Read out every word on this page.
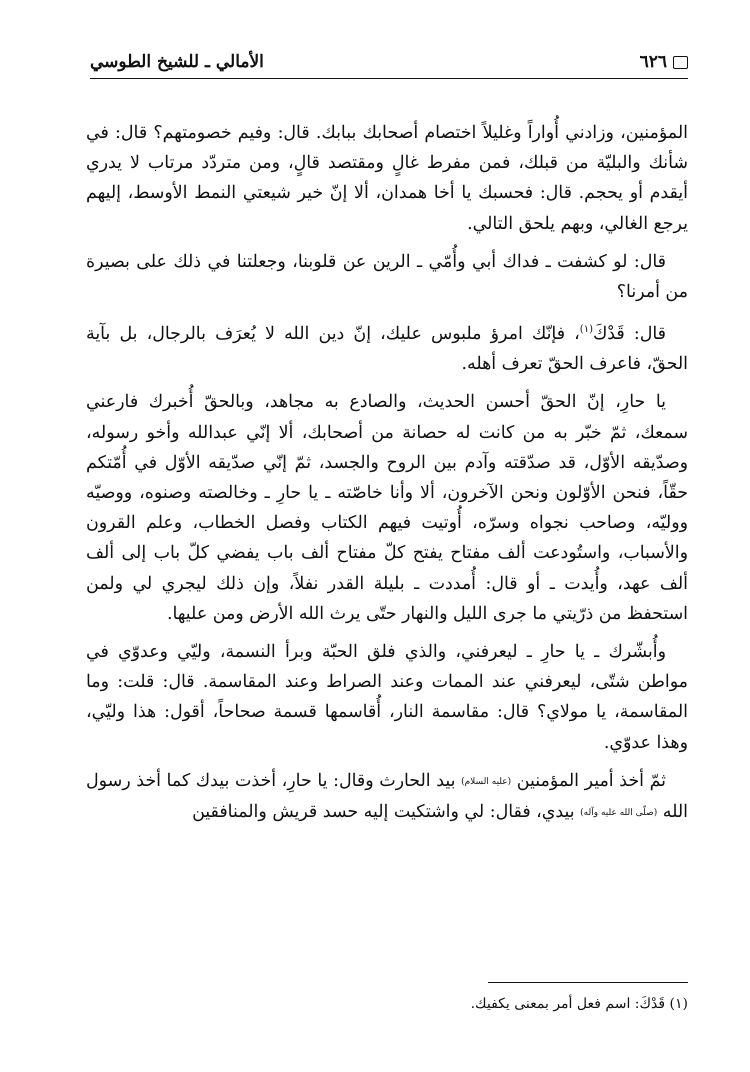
٦٢٦
الأمالي ـ للشيخ الطوسي

المؤمنين، وزادني أُواراً وغليلاً اختصام أصحابك ببابك. قال: وفيم خصومتهم؟ قال: في شأنك والبليّة من قبلك، فمن مفرط غالٍ ومقتصد قالٍ، ومن متردّد مرتاب لا يدري أيقدم أو يحجم. قال: فحسبك يا أخا همدان، ألا إنّ خير شيعتي النمط الأوسط، إليهم يرجع الغالي، وبهم يلحق التالي.

قال: لو كشفت ـ فداك أبي وأُمّي ـ الرين عن قلوبنا، وجعلتنا في ذلك على بصيرة من أمرنا؟

قال: قَدْكَ$^{(١)}$، فإنّك امرؤ ملبوس عليك، إنّ دين الله لا يُعرَف بالرجال، بل بآية الحقّ، فاعرف الحقّ تعرف أهله.

يا حارِ، إنّ الحقّ أحسن الحديث، والصادع به مجاهد، وبالحقّ أُخبرك فارعني سمعك، ثمّ خبّر به من كانت له حصانة من أصحابك، ألا إنّي عبدالله وأخو رسوله، وصدّيقه الأوّل، قد صدّقته وآدم بين الروح والجسد، ثمّ إنّي صدّيقه الأوّل في أُمّتكم حقّاً، فنحن الأوّلون ونحن الآخرون، ألا وأنا خاصّته ـ يا حارِ ـ وخالصته وصنوه، ووصيّه ووليّه، وصاحب نجواه وسرّه، أُوتيت فيهم الكتاب وفصل الخطاب، وعلم القرون والأسباب، واستُودعت ألف مفتاح يفتح كلّ مفتاح ألف باب يفضي كلّ باب إلى ألف ألف عهد، وأُيدت ـ أو قال: أُمددت ـ بليلة القدر نفلاً، وإن ذلك ليجري لي ولمن استحفظ من ذرّيتي ما جرى الليل والنهار حتّى يرث الله الأرض ومن عليها.

وأُبشّرك ـ يا حارِ ـ ليعرفني، والذي فلق الحبّة وبرأ النسمة، وليّي وعدوّي في مواطن شتّى، ليعرفني عند الممات وعند الصراط وعند المقاسمة. قال: قلت: وما المقاسمة، يا مولاي؟ قال: مقاسمة النار، أُقاسمها قسمة صحاحاً، أقول: هذا وليّي، وهذا عدوّي.

ثمّ أخذ أمير المؤمنين (عليه السلام) بيد الحارث وقال: يا حارِ، أخذت بيدك كما أخذ رسول الله (صلّى الله عليه وآله) بيدي، فقال: لي واشتكيت إليه حسد قريش والمنافقين

(١) قَدْكَ: اسم فعل أمر بمعنى يكفيك.
